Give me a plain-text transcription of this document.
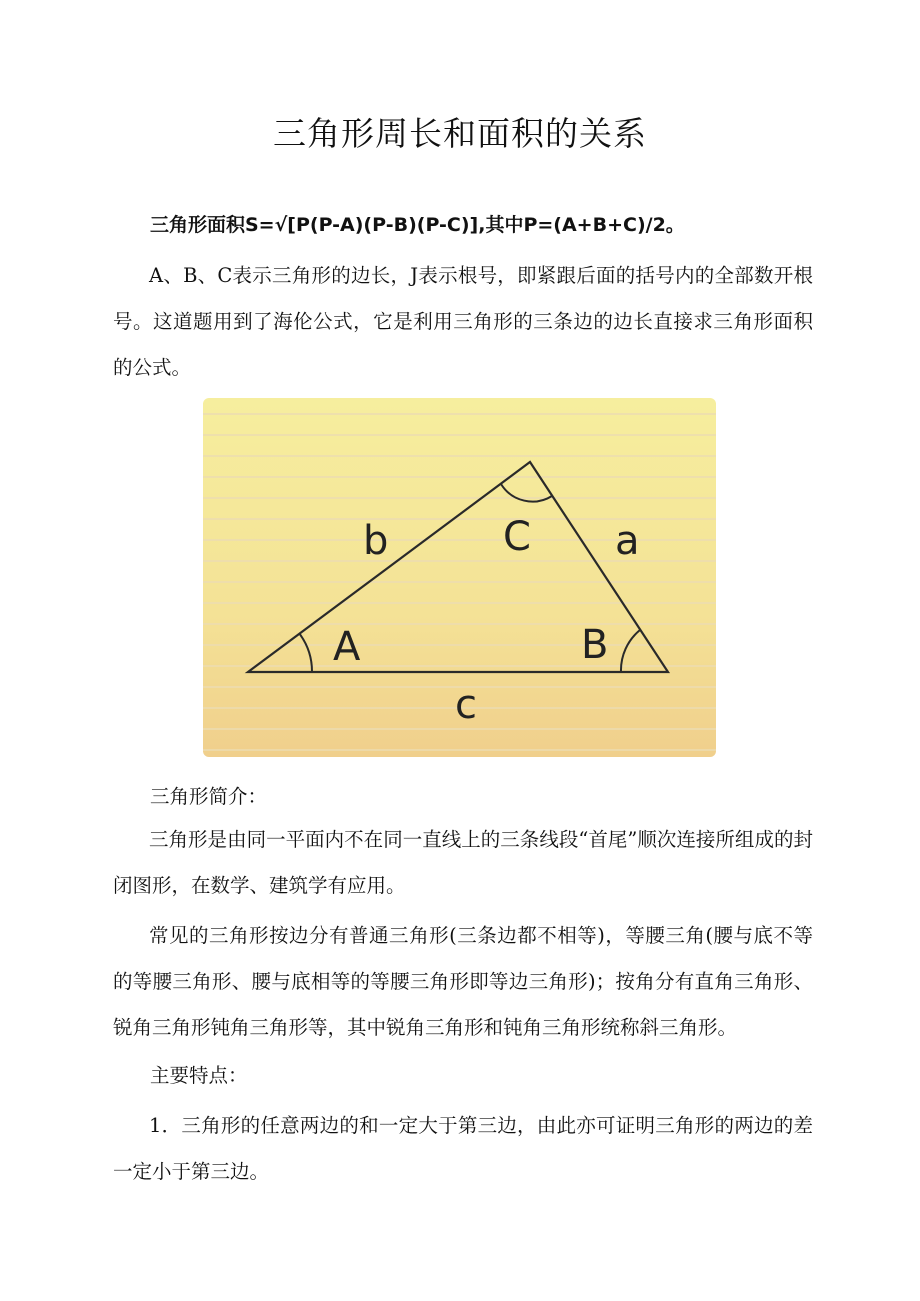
三角形周长和面积的关系
三角形面积S=√[P(P-A)(P-B)(P-C)],其中P=(A+B+C)/2。
A、B、C表示三角形的边长，J表示根号，即紧跟后面的括号内的全部数开根号。这道题用到了海伦公式，它是利用三角形的三条边的边长直接求三角形面积的公式。
b	C a
A	B
c
三角形简介：
三角形是由同一平面内不在同一直线上的三条线段“首尾”顺次连接所组成的封闭图形，在数学、建筑学有应用。
常见的三角形按边分有普通三角形(三条边都不相等)，等腰三角(腰与底不等的等腰三角形、腰与底相等的等腰三角形即等边三角形)；按角分有直角三角形、锐角三角形钝角三角形等，其中锐角三角形和钝角三角形统称斜三角形。
主要特点：
1．三角形的任意两边的和一定大于第三边，由此亦可证明三角形的两边的差一定小于第三边。
